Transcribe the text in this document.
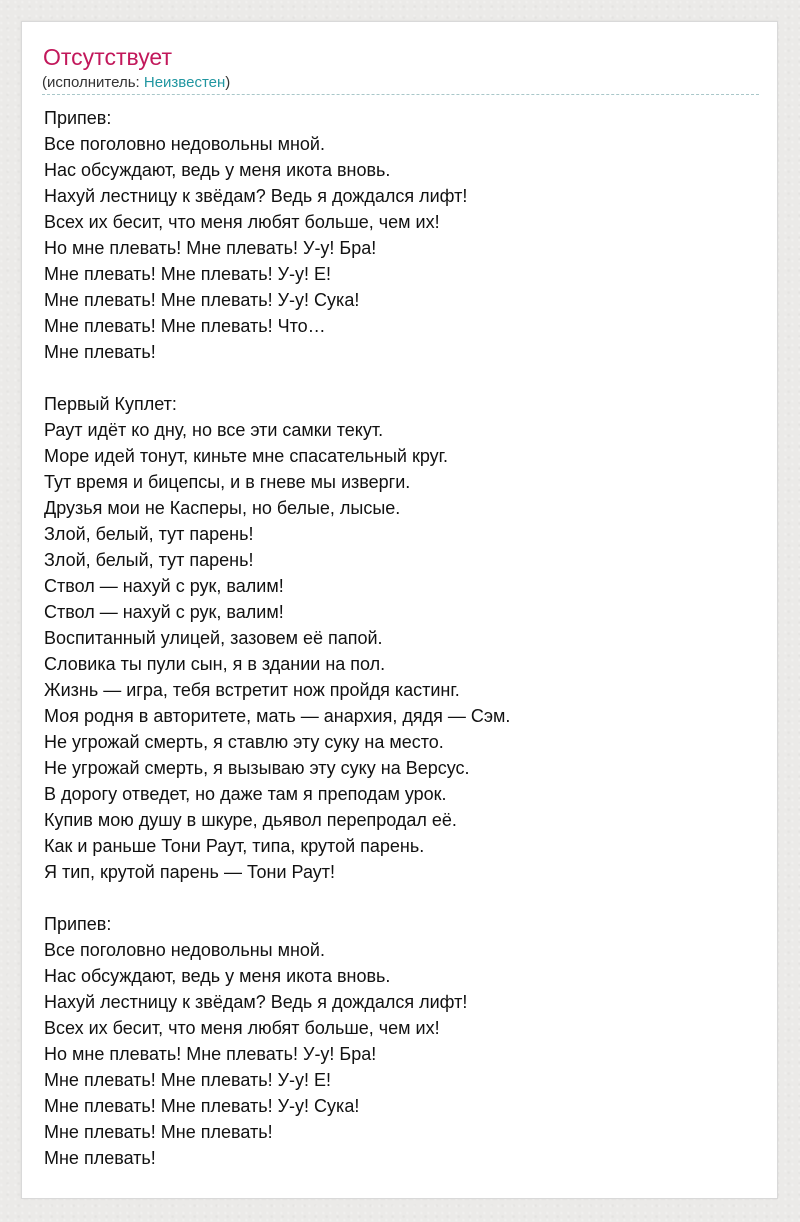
Отсутствует
(исполнитель: Неизвестен)
Припев:
Все поголовно недовольны мной.
Нас обсуждают, ведь у меня икота вновь.
Нахуй лестницу к звёдам? Ведь я дождался лифт!
Всех их бесит, что меня любят больше, чем их!
Но мне плевать! Мне плевать! У-у! Бра!
Мне плевать! Мне плевать! У-у! Е!
Мне плевать! Мне плевать! У-у! Сука!
Мне плевать! Мне плевать! Что…
Мне плевать!
Первый Куплет:
Раут идёт ко дну, но все эти самки текут.
Море идей тонут, киньте мне спасательный круг.
Тут время и бицепсы, и в гневе мы изверги.
Друзья мои не Касперы, но белые, лысые.
Злой, белый, тут парень!
Злой, белый, тут парень!
Ствол — нахуй с рук, валим!
Ствол — нахуй с рук, валим!
Воспитанный улицей, зазовем её папой.
Словика ты пули сын, я в здании на пол.
Жизнь — игра, тебя встретит нож пройдя кастинг.
Моя родня в авторитете, мать — анархия, дядя — Сэм.
Не угрожай смерть, я ставлю эту суку на место.
Не угрожай смерть, я вызываю эту суку на Версус.
В дорогу отведет, но даже там я преподам урок.
Купив мою душу в шкуре, дьявол перепродал её.
Как и раньше Тони Раут, типа, крутой парень.
Я тип, крутой парень — Тони Раут!
Припев:
Все поголовно недовольны мной.
Нас обсуждают, ведь у меня икота вновь.
Нахуй лестницу к звёдам? Ведь я дождался лифт!
Всех их бесит, что меня любят больше, чем их!
Но мне плевать! Мне плевать! У-у! Бра!
Мне плевать! Мне плевать! У-у! Е!
Мне плевать! Мне плевать! У-у! Сука!
Мне плевать! Мне плевать!
Мне плевать!
